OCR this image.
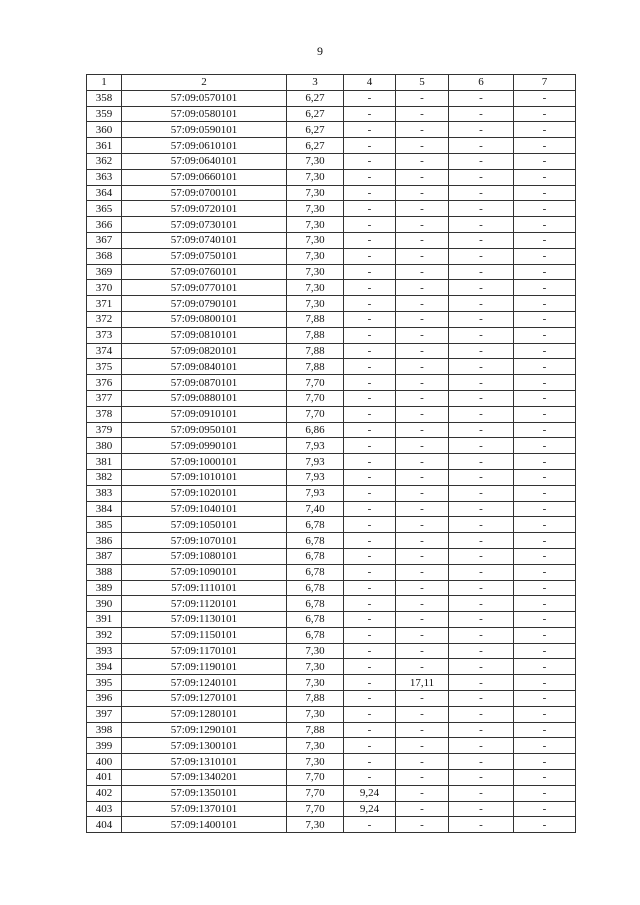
9
1	2	3	4	5	6	7
358	57:09:0570101	6,27	-	-	-	-
359	57:09:0580101	6,27	-	-	-	-
360	57:09:0590101	6,27	-	-	-	-
361	57:09:0610101	6,27	-	-	-	-
362	57:09:0640101	7,30	-	-	-	-
363	57:09:0660101	7,30	-	-	-	-
364	57:09:0700101	7,30	-	-	-	-
365	57:09:0720101	7,30	-	-	-	-
366	57:09:0730101	7,30	-	-	-	-
367	57:09:0740101	7,30	-	-	-	-
368	57:09:0750101	7,30	-	-	-	-
369	57:09:0760101	7,30	-	-	-	-
370	57:09:0770101	7,30	-	-	-	-
371	57:09:0790101	7,30	-	-	-	-
372	57:09:0800101	7,88	-	-	-	-
373	57:09:0810101	7,88	-	-	-	-
374	57:09:0820101	7,88	-	-	-	-
375	57:09:0840101	7,88	-	-	-	-
376	57:09:0870101	7,70	-	-	-	-
377	57:09:0880101	7,70	-	-	-	-
378	57:09:0910101	7,70	-	-	-	-
379	57:09:0950101	6,86	-	-	-	-
380	57:09:0990101	7,93	-	-	-	-
381	57:09:1000101	7,93	-	-	-	-
382	57:09:1010101	7,93	-	-	-	-
383	57:09:1020101	7,93	-	-	-	-
384	57:09:1040101	7,40	-	-	-	-
385	57:09:1050101	6,78	-	-	-	-
386	57:09:1070101	6,78	-	-	-	-
387	57:09:1080101	6,78	-	-	-	-
388	57:09:1090101	6,78	-	-	-	-
389	57:09:1110101	6,78	-	-	-	-
390	57:09:1120101	6,78	-	-	-	-
391	57:09:1130101	6,78	-	-	-	-
392	57:09:1150101	6,78	-	-	-	-
393	57:09:1170101	7,30	-	-	-	-
394	57:09:1190101	7,30	-	-	-	-
395	57:09:1240101	7,30	-	17,11	-	-
396	57:09:1270101	7,88	-	-	-	-
397	57:09:1280101	7,30	-	-	-	-
398	57:09:1290101	7,88	-	-	-	-
399	57:09:1300101	7,30	-	-	-	-
400	57:09:1310101	7,30	-	-	-	-
401	57:09:1340201	7,70	-	-	-	-
402	57:09:1350101	7,70	9,24	-	-	-
403	57:09:1370101	7,70	9,24	-	-	-
404	57:09:1400101	7,30	-	-	-	-
